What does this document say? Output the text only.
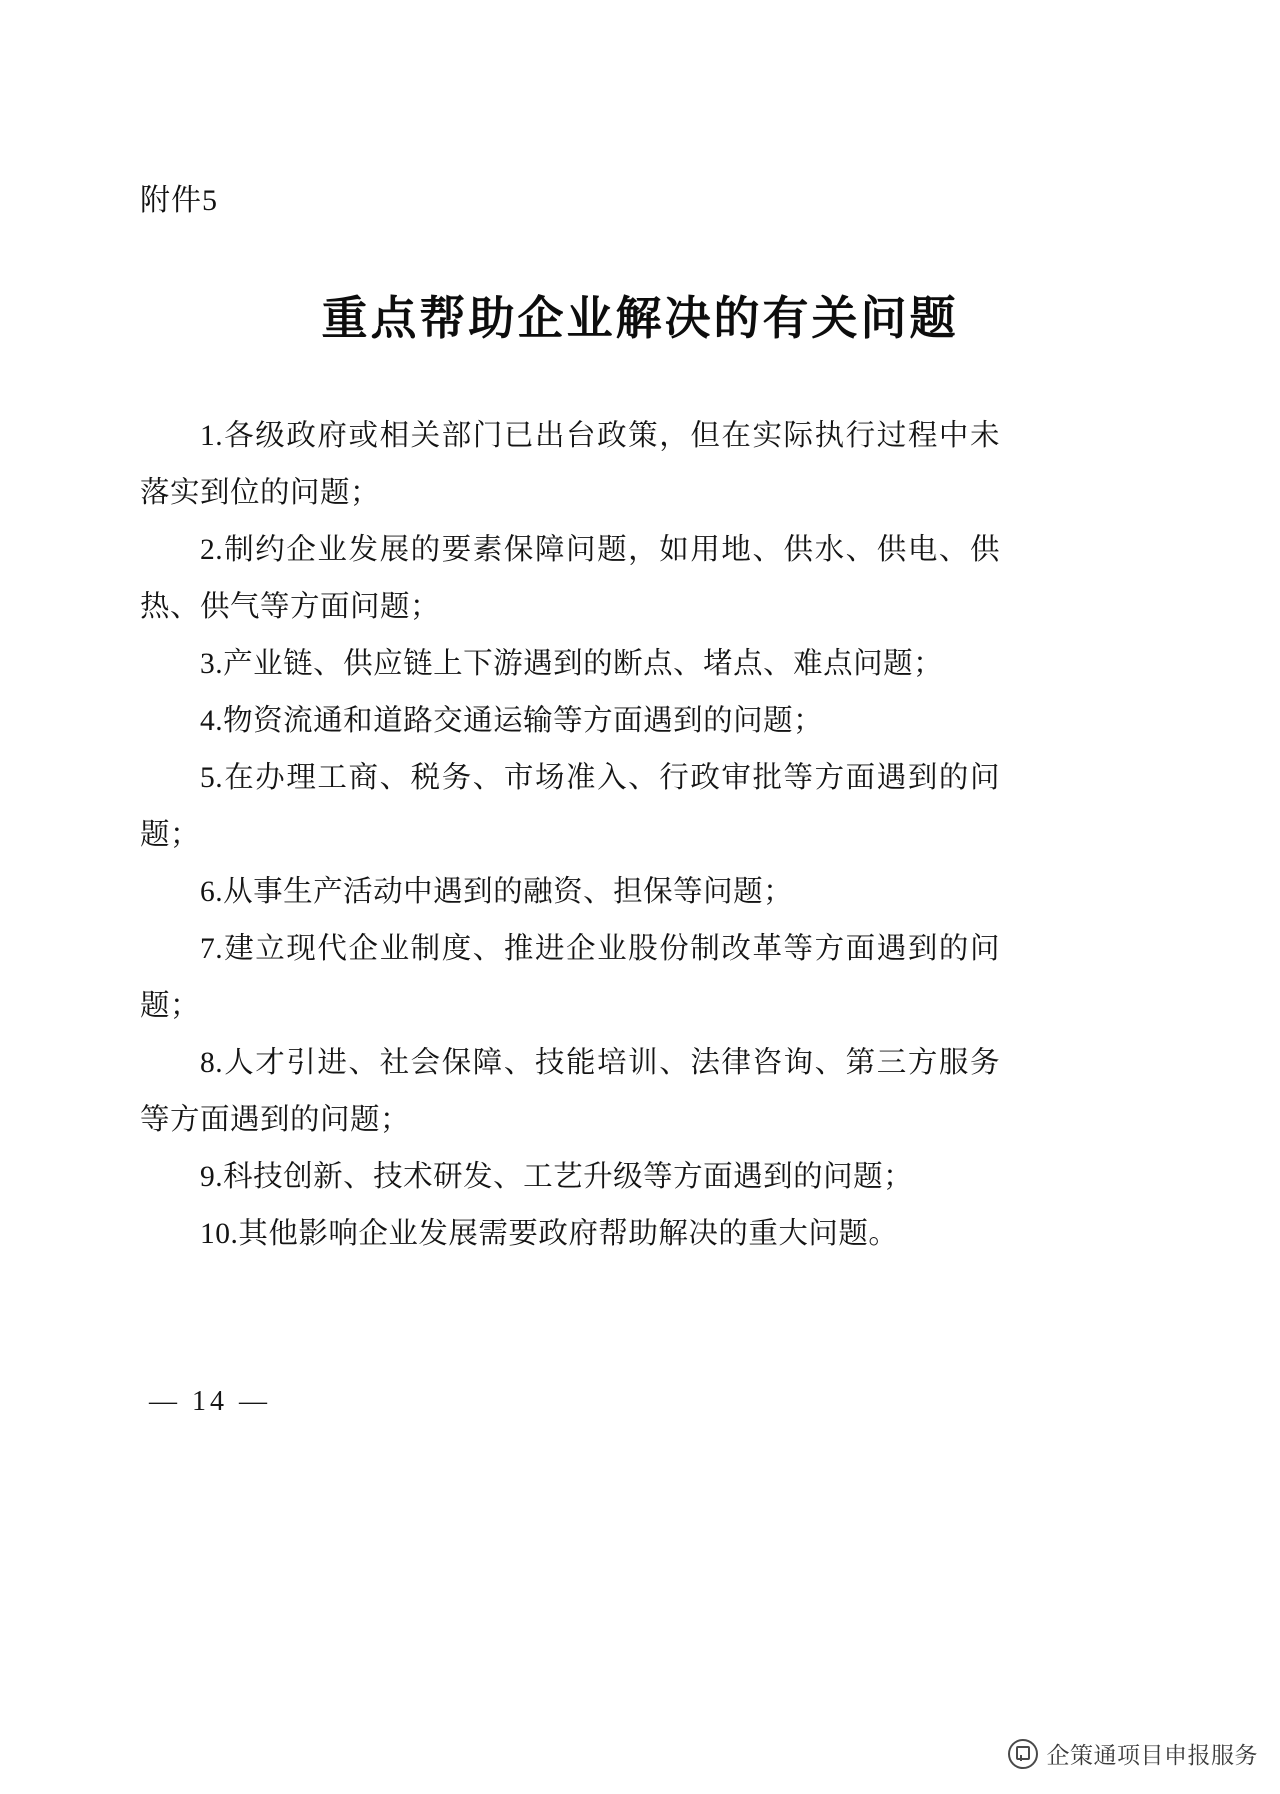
附件5
重点帮助企业解决的有关问题

1.各级政府或相关部门已出台政策，但在实际执行过程中未落实到位的问题；

2.制约企业发展的要素保障问题，如用地、供水、供电、供热、供气等方面问题；

3.产业链、供应链上下游遇到的断点、堵点、难点问题；

4.物资流通和道路交通运输等方面遇到的问题；

5.在办理工商、税务、市场准入、行政审批等方面遇到的问题；

6.从事生产活动中遇到的融资、担保等问题；

7.建立现代企业制度、推进企业股份制改革等方面遇到的问题；

8.人才引进、社会保障、技能培训、法律咨询、第三方服务等方面遇到的问题；

9.科技创新、技术研发、工艺升级等方面遇到的问题；

10.其他影响企业发展需要政府帮助解决的重大问题。

— 14 —
企策通项目申报服务
